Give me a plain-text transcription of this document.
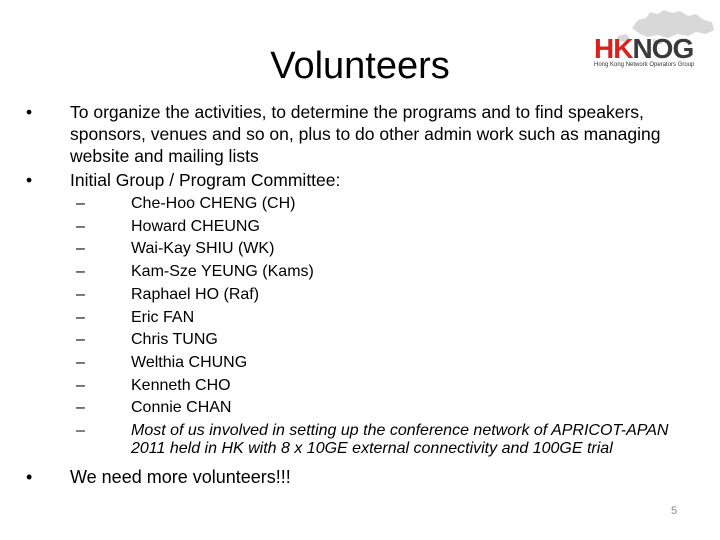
Volunteers	HKNOG
Hong Kong Network Operators Group
•	To organize the activities, to determine the programs and to find speakers, sponsors, venues and so on, plus to do other admin work such as managing website and mailing lists
•	Initial Group / Program Committee:
–	Che-Hoo CHENG (CH)
–	Howard CHEUNG
–	Wai-Kay SHIU (WK)
–	Kam-Sze YEUNG (Kams)
–	Raphael HO (Raf)
–	Eric FAN
–	Chris TUNG
–	Welthia CHUNG
–	Kenneth CHO
–	Connie CHAN
–	Most of us involved in setting up the conference network of APRICOT-APAN 2011 held in HK with 8 x 10GE external connectivity and 100GE trial
•	We need more volunteers!!!
5
